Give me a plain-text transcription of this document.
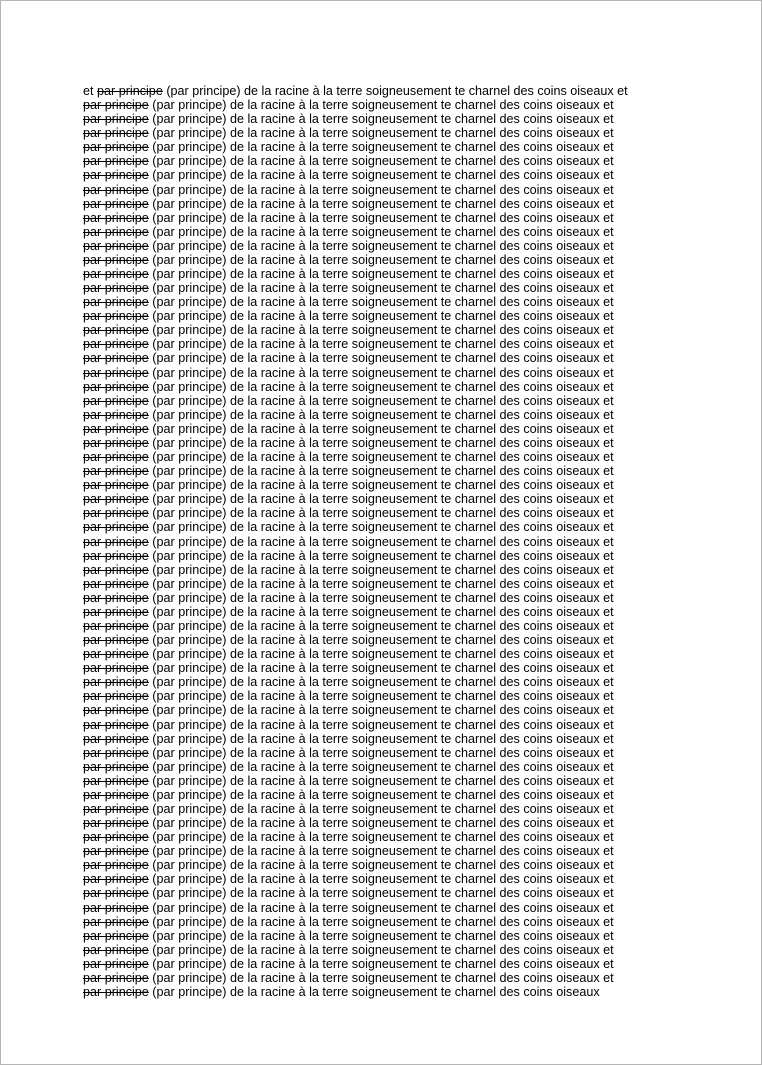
et par principe (par principe) de la racine à la terre soigneusement te charnel des coins oiseaux et
par principe (par principe) de la racine à la terre soigneusement te charnel des coins oiseaux et
par principe (par principe) de la racine à la terre soigneusement te charnel des coins oiseaux et
par principe (par principe) de la racine à la terre soigneusement te charnel des coins oiseaux et
par principe (par principe) de la racine à la terre soigneusement te charnel des coins oiseaux et
par principe (par principe) de la racine à la terre soigneusement te charnel des coins oiseaux et
par principe (par principe) de la racine à la terre soigneusement te charnel des coins oiseaux et
par principe (par principe) de la racine à la terre soigneusement te charnel des coins oiseaux et
par principe (par principe) de la racine à la terre soigneusement te charnel des coins oiseaux et
par principe (par principe) de la racine à la terre soigneusement te charnel des coins oiseaux et
par principe (par principe) de la racine à la terre soigneusement te charnel des coins oiseaux et
par principe (par principe) de la racine à la terre soigneusement te charnel des coins oiseaux et
par principe (par principe) de la racine à la terre soigneusement te charnel des coins oiseaux et
par principe (par principe) de la racine à la terre soigneusement te charnel des coins oiseaux et
par principe (par principe) de la racine à la terre soigneusement te charnel des coins oiseaux et
par principe (par principe) de la racine à la terre soigneusement te charnel des coins oiseaux et
par principe (par principe) de la racine à la terre soigneusement te charnel des coins oiseaux et
par principe (par principe) de la racine à la terre soigneusement te charnel des coins oiseaux et
par principe (par principe) de la racine à la terre soigneusement te charnel des coins oiseaux et
par principe (par principe) de la racine à la terre soigneusement te charnel des coins oiseaux et
par principe (par principe) de la racine à la terre soigneusement te charnel des coins oiseaux et
par principe (par principe) de la racine à la terre soigneusement te charnel des coins oiseaux et
par principe (par principe) de la racine à la terre soigneusement te charnel des coins oiseaux et
par principe (par principe) de la racine à la terre soigneusement te charnel des coins oiseaux et
par principe (par principe) de la racine à la terre soigneusement te charnel des coins oiseaux et
par principe (par principe) de la racine à la terre soigneusement te charnel des coins oiseaux et
par principe (par principe) de la racine à la terre soigneusement te charnel des coins oiseaux et
par principe (par principe) de la racine à la terre soigneusement te charnel des coins oiseaux et
par principe (par principe) de la racine à la terre soigneusement te charnel des coins oiseaux et
par principe (par principe) de la racine à la terre soigneusement te charnel des coins oiseaux et
par principe (par principe) de la racine à la terre soigneusement te charnel des coins oiseaux et
par principe (par principe) de la racine à la terre soigneusement te charnel des coins oiseaux et
par principe (par principe) de la racine à la terre soigneusement te charnel des coins oiseaux et
par principe (par principe) de la racine à la terre soigneusement te charnel des coins oiseaux et
par principe (par principe) de la racine à la terre soigneusement te charnel des coins oiseaux et
par principe (par principe) de la racine à la terre soigneusement te charnel des coins oiseaux et
par principe (par principe) de la racine à la terre soigneusement te charnel des coins oiseaux et
par principe (par principe) de la racine à la terre soigneusement te charnel des coins oiseaux et
par principe (par principe) de la racine à la terre soigneusement te charnel des coins oiseaux et
par principe (par principe) de la racine à la terre soigneusement te charnel des coins oiseaux et
par principe (par principe) de la racine à la terre soigneusement te charnel des coins oiseaux et
par principe (par principe) de la racine à la terre soigneusement te charnel des coins oiseaux et
par principe (par principe) de la racine à la terre soigneusement te charnel des coins oiseaux et
par principe (par principe) de la racine à la terre soigneusement te charnel des coins oiseaux et
par principe (par principe) de la racine à la terre soigneusement te charnel des coins oiseaux et
par principe (par principe) de la racine à la terre soigneusement te charnel des coins oiseaux et
par principe (par principe) de la racine à la terre soigneusement te charnel des coins oiseaux et
par principe (par principe) de la racine à la terre soigneusement te charnel des coins oiseaux et
par principe (par principe) de la racine à la terre soigneusement te charnel des coins oiseaux et
par principe (par principe) de la racine à la terre soigneusement te charnel des coins oiseaux et
par principe (par principe) de la racine à la terre soigneusement te charnel des coins oiseaux et
par principe (par principe) de la racine à la terre soigneusement te charnel des coins oiseaux et
par principe (par principe) de la racine à la terre soigneusement te charnel des coins oiseaux et
par principe (par principe) de la racine à la terre soigneusement te charnel des coins oiseaux et
par principe (par principe) de la racine à la terre soigneusement te charnel des coins oiseaux et
par principe (par principe) de la racine à la terre soigneusement te charnel des coins oiseaux et
par principe (par principe) de la racine à la terre soigneusement te charnel des coins oiseaux et
par principe (par principe) de la racine à la terre soigneusement te charnel des coins oiseaux et
par principe (par principe) de la racine à la terre soigneusement te charnel des coins oiseaux et
par principe (par principe) de la racine à la terre soigneusement te charnel des coins oiseaux et
par principe (par principe) de la racine à la terre soigneusement te charnel des coins oiseaux et
par principe (par principe) de la racine à la terre soigneusement te charnel des coins oiseaux et
par principe (par principe) de la racine à la terre soigneusement te charnel des coins oiseaux et
par principe (par principe) de la racine à la terre soigneusement te charnel des coins oiseaux et
par principe (par principe) de la racine à la terre soigneusement te charnel des coins oiseaux
